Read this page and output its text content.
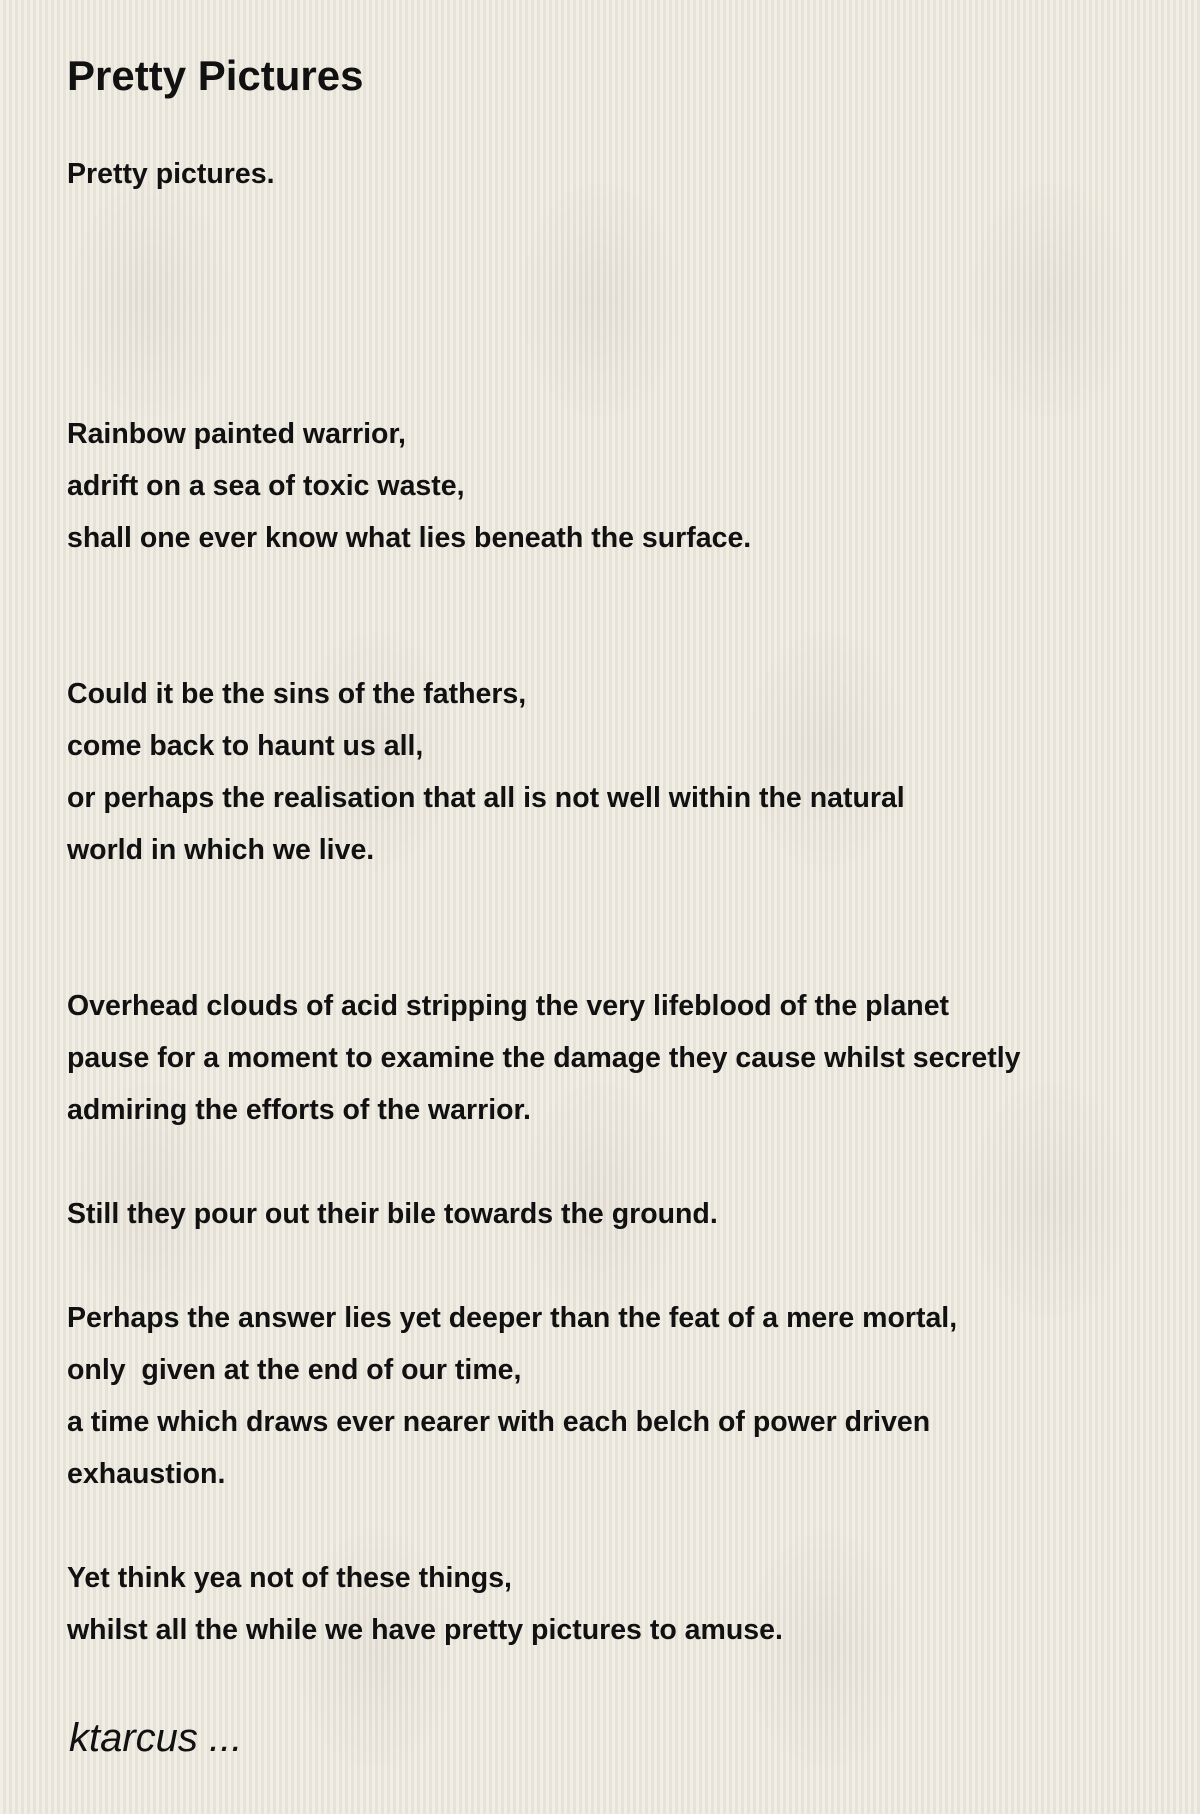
Pretty Pictures

Pretty pictures.

Rainbow painted warrior,
adrift on a sea of toxic waste,
shall one ever know what lies beneath the surface.

Could it be the sins of the fathers,
come back to haunt us all,
or perhaps the realisation that all is not well within the natural
world in which we live.

Overhead clouds of acid stripping the very lifeblood of the planet
pause for a moment to examine the damage they cause whilst secretly
admiring the efforts of the warrior.

Still they pour out their bile towards the ground.

Perhaps the answer lies yet deeper than the feat of a mere mortal,
only  given at the end of our time,
a time which draws ever nearer with each belch of power driven
exhaustion.

Yet think yea not of these things,
whilst all the while we have pretty pictures to amuse.

ktarcus ...
